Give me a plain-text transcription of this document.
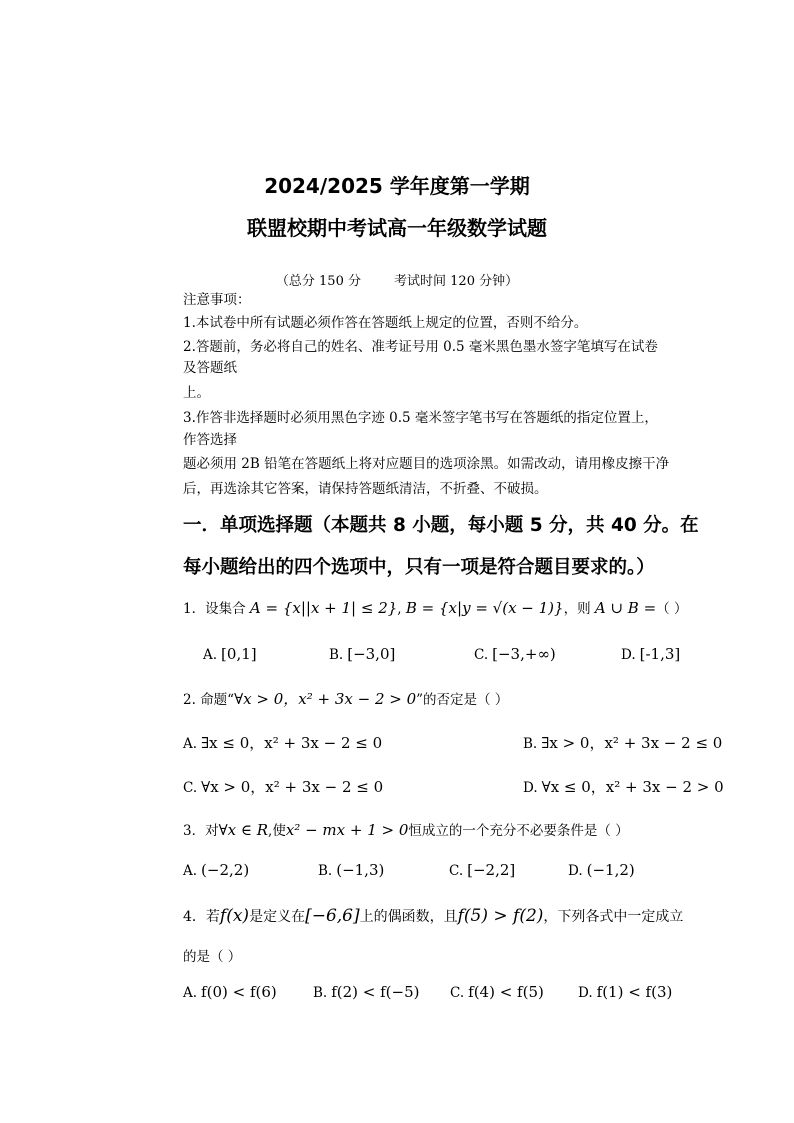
2024/2025 学年度第一学期
联盟校期中考试高一年级数学试题
（总分 150 分        考试时间 120 分钟）
注意事项：
1.本试卷中所有试题必须作答在答题纸上规定的位置，否则不给分。
2.答题前，务必将自己的姓名、准考证号用 0.5 毫米黑色墨水签字笔填写在试卷
及答题纸
上。
3.作答非选择题时必须用黑色字迹 0.5 毫米签字笔书写在答题纸的指定位置上，
作答选择
题必须用 2B 铅笔在答题纸上将对应题目的选项涂黑。如需改动，请用橡皮擦干净
后，再选涂其它答案，请保持答题纸清洁，不折叠、不破损。
一．单项选择题（本题共 8 小题，每小题 5 分，共 40 分。在
每小题给出的四个选项中，只有一项是符合题目要求的。）
1．设集合 A = {x||x + 1| ≤ 2}, B = {x|y = √(x − 1)}，则 A ∪ B =（ ）
A. [0,1]	B. [−3,0]	C. [−3,+∞)	D. [-1,3]
2. 命题“∀x > 0，x² + 3x − 2 > 0”的否定是（ ）
A. ∃x ≤ 0，x² + 3x − 2 ≤ 0	B. ∃x > 0，x² + 3x − 2 ≤ 0
C. ∀x > 0，x² + 3x − 2 ≤ 0	D. ∀x ≤ 0，x² + 3x − 2 > 0
3．对∀x ∈ R,使x² − mx + 1 > 0恒成立的一个充分不必要条件是（ ）
A. (−2,2)	B. (−1,3)	C. [−2,2]	D. (−1,2)
4．若f(x)是定义在[−6,6]上的偶函数，且f(5) > f(2)，下列各式中一定成立
的是（ ）
A. f(0) < f(6)	B. f(2) < f(−5) C. f(4) < f(5)	D. f(1) < f(3)
